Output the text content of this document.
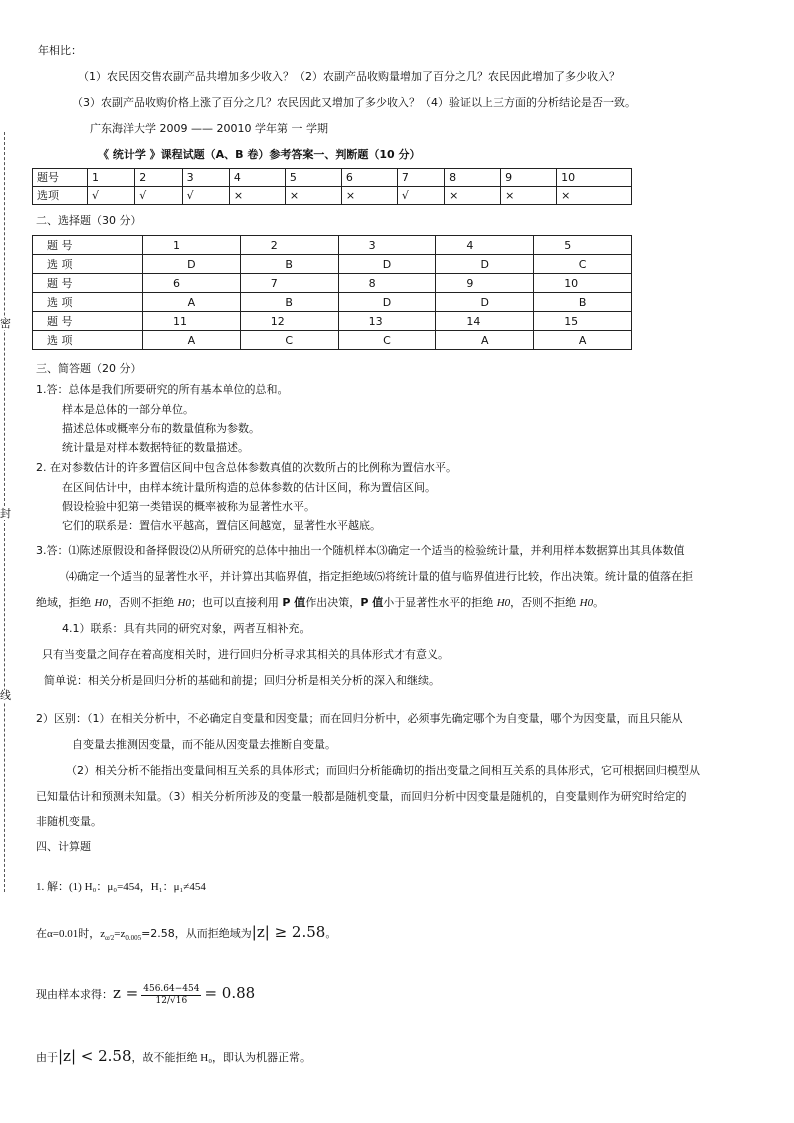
密
封
线
年相比：
（1）农民因交售农副产品共增加多少收入？（2）农副产品收购量增加了百分之几？农民因此增加了多少收入？
（3）农副产品收购价格上涨了百分之几？农民因此又增加了多少收入？（4）验证以上三方面的分析结论是否一致。
广东海洋大学 2009 —— 20010 学年第 一 学期
《 统计学 》课程试题（A、B 卷）参考答案一、判断题（10 分）
题号	1	2	3	4	5	6	7	8	9	10
选项	√	√	√	×	×	×	√	×	×	×
二、选择题（30 分）
题 号	1	2	3	4	5
选 项	D	B	D	D	C
题 号	6	7	8	9	10
选 项	A	B	D	D	B
题 号	11	12	13	14	15
选 项	A	C	C	A	A
三、简答题（20 分）
1.答：总体是我们所要研究的所有基本单位的总和。
样本是总体的一部分单位。
描述总体或概率分布的数量值称为参数。
统计量是对样本数据特征的数量描述。
2. 在对参数估计的许多置信区间中包含总体参数真值的次数所占的比例称为置信水平。
在区间估计中，由样本统计量所构造的总体参数的估计区间，称为置信区间。
假设检验中犯第一类错误的概率被称为显著性水平。
它们的联系是：置信水平越高，置信区间越宽，显著性水平越底。
3.答：⑴陈述原假设和备择假设⑵从所研究的总体中抽出一个随机样本⑶确定一个适当的检验统计量，并利用样本数据算出其具体数值
⑷确定一个适当的显著性水平，并计算出其临界值，指定拒绝域⑸将统计量的值与临界值进行比较，作出决策。统计量的值落在拒
绝域，拒绝 H0，否则不拒绝 H0；也可以直接利用 P 值作出决策，P 值小于显著性水平的拒绝 H0，否则不拒绝 H0。
4.1）联系：具有共同的研究对象，两者互相补充。
只有当变量之间存在着高度相关时，进行回归分析寻求其相关的具体形式才有意义。
简单说：相关分析是回归分析的基础和前提；回归分析是相关分析的深入和继续。
2）区别：（1）在相关分析中，不必确定自变量和因变量；而在回归分析中，必须事先确定哪个为自变量，哪个为因变量，而且只能从
自变量去推测因变量，而不能从因变量去推断自变量。
（2）相关分析不能指出变量间相互关系的具体形式；而回归分析能确切的指出变量之间相互关系的具体形式，它可根据回归模型从
已知量估计和预测未知量。（3）相关分析所涉及的变量一般都是随机变量，而回归分析中因变量是随机的，自变量则作为研究时给定的
非随机变量。
四、计算题
1. 解：(1) H₀：μ₀=454，H₁：μ₁≠454
在α=0.01时，$z_{\alpha/2}=z_{0.005}=2.58$，从而拒绝域为|z| ≥ 2.58。
现由样本求得：$z = \frac{456.64-454}{12/√16} = 0.88$
由于|z| < 2.58，故不能拒绝 H₀，即认为机器正常。
